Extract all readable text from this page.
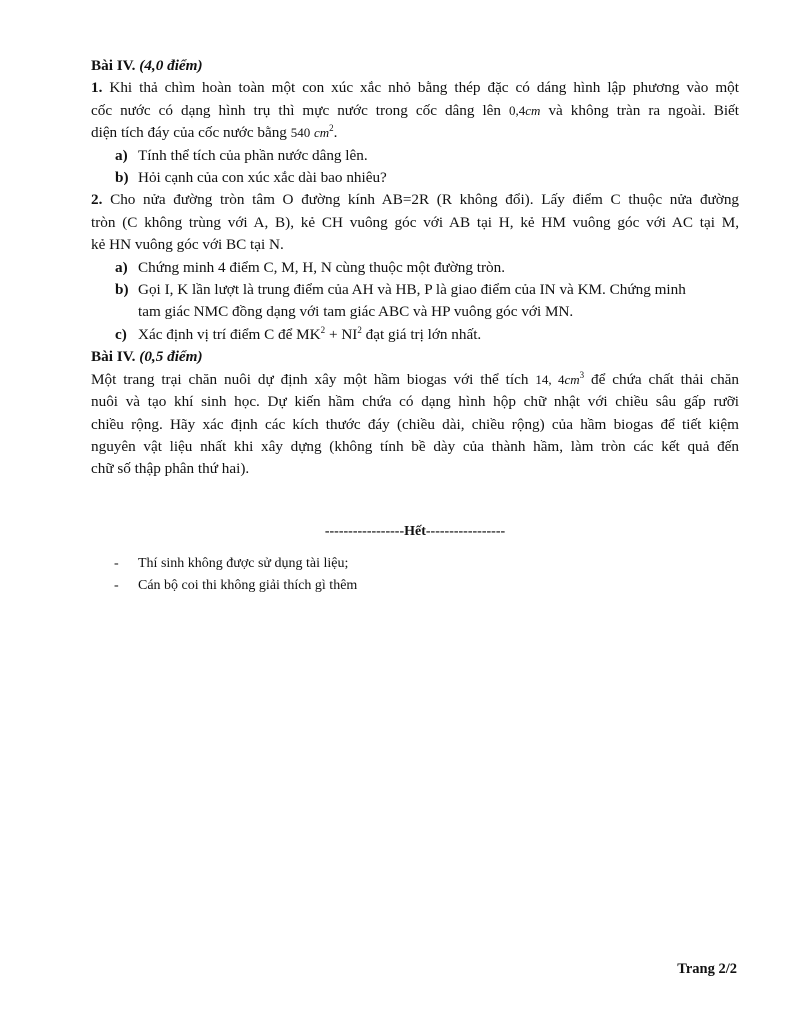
Bài IV. (4,0 điểm)
1. Khi thả chìm hoàn toàn một con xúc xắc nhỏ bằng thép đặc có dáng hình lập phương vào một
cốc nước có dạng hình trụ thì mực nước trong cốc dâng lên 0,4cm và không tràn ra ngoài. Biết
diện tích đáy của cốc nước bằng 540 $cm^2$.
a) Tính thể tích của phần nước dâng lên.
b) Hỏi cạnh của con xúc xắc dài bao nhiêu?
2. Cho nửa đường tròn tâm O đường kính AB=2R (R không đổi). Lấy điểm C thuộc nửa đường
tròn (C không trùng với A, B), kẻ CH vuông góc với AB tại H, kẻ HM vuông góc với AC tại M,
kẻ HN vuông góc với BC tại N.
a) Chứng minh 4 điểm C, M, H, N cùng thuộc một đường tròn.
b) Gọi I, K lần lượt là trung điểm của AH và HB, P là giao điểm của IN và KM. Chứng minh
tam giác NMC đồng dạng với tam giác ABC và HP vuông góc với MN.
c) Xác định vị trí điểm C để $MK^2 + NI^2$ đạt giá trị lớn nhất.
Bài IV. (0,5 điểm)
Một trang trại chăn nuôi dự định xây một hầm biogas với thể tích 14, $4cm^3$ để chứa chất thải chăn
nuôi và tạo khí sinh học. Dự kiến hầm chứa có dạng hình hộp chữ nhật với chiều sâu gấp rưỡi
chiều rộng. Hãy xác định các kích thước đáy (chiều dài, chiều rộng) của hầm biogas để tiết kiệm
nguyên vật liệu nhất khi xây dựng (không tính bề dày của thành hầm, làm tròn các kết quả đến
chữ số thập phân thứ hai).
-----------------Hết-----------------
- Thí sinh không được sử dụng tài liệu;
- Cán bộ coi thi không giải thích gì thêm
Trang 2/2
